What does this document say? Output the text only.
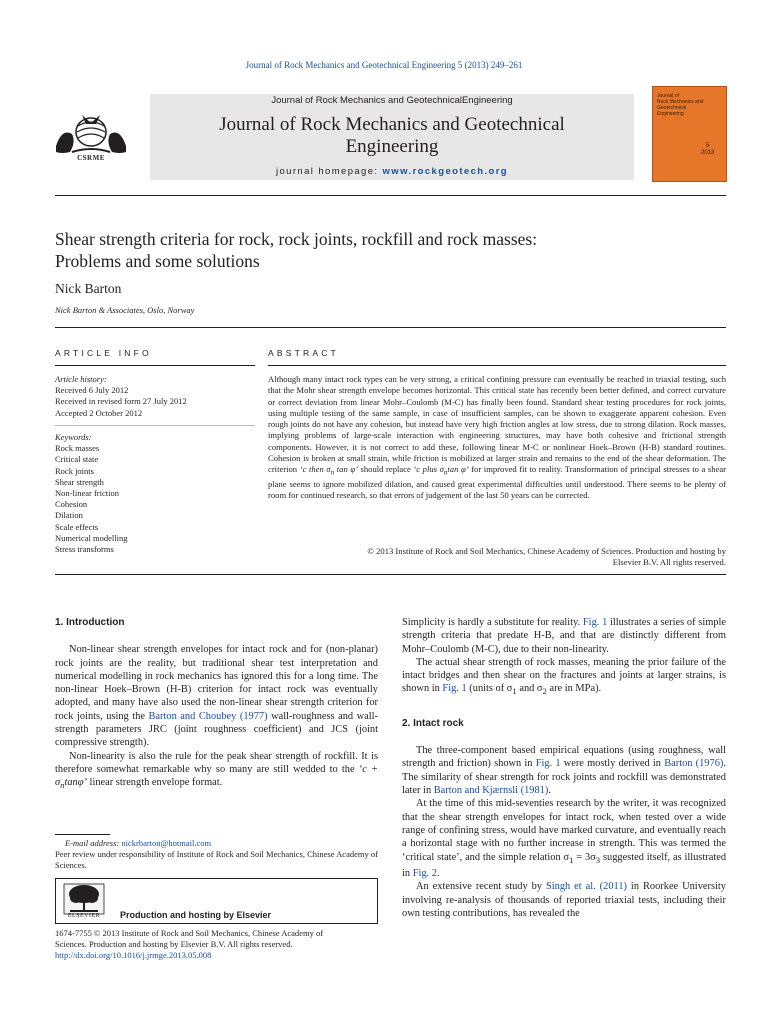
Journal of Rock Mechanics and Geotechnical Engineering 5 (2013) 249–261
Journal of Rock Mechanics and GeotechnicalEngineering
Journal of Rock Mechanics and Geotechnical
Engineering
journal homepage: www.rockgeotech.org
CSRME
Journal of
Rock Mechanics and
Geotechnical
Engineering
5
2013
Shear strength criteria for rock, rock joints, rockfill and rock masses:
Problems and some solutions
Nick Barton
Nick Barton & Associates, Oslo, Norway
ARTICLE INFO	ABSTRACT
Article history:
Received 6 July 2012
Received in revised form 27 July 2012
Accepted 2 October 2012
Keywords:
Rock masses
Critical state
Rock joints
Shear strength
Non-linear friction
Cohesion
Dilation
Scale effects
Numerical modelling
Stress transforms
Although many intact rock types can be very strong, a critical confining pressure can eventually be reached in triaxial testing, such that the Mohr shear strength envelope becomes horizontal. This critical state has recently been better defined, and correct curvature or correct deviation from linear Mohr–Coulomb (M-C) has finally been found. Standard shear testing procedures for rock joints, using multiple testing of the same sample, in case of insufficient samples, can be shown to exaggerate apparent cohesion. Even rough joints do not have any cohesion, but instead have very high friction angles at low stress, due to strong dilation. Rock masses, implying problems of large-scale interaction with engineering structures, may have both cohesive and frictional strength components. However, it is not correct to add these, following linear M-C or nonlinear Hoek–Brown (H-B) standard routines. Cohesion is broken at small strain, while friction is mobilized at larger strain and remains to the end of the shear deformation. The criterion ‘c then $\sigma_n$ tan φ’ should replace ‘c plus $\sigma_n\tan$ φ’ for improved fit to reality. Transformation of principal stresses to a shear plane seems to ignore mobilized dilation, and caused great experimental difficulties until understood. There seems to be plenty of room for continued research, so that errors of judgement of the last 50 years can be corrected.
© 2013 Institute of Rock and Soil Mechanics, Chinese Academy of Sciences. Production and hosting by
Elsevier B.V. All rights reserved.
1. Introduction

Non-linear shear strength envelopes for intact rock and for (non-planar) rock joints are the reality, but traditional shear test interpretation and numerical modelling in rock mechanics has ignored this for a long time. The non-linear Hoek–Brown (H-B) criterion for intact rock was eventually adopted, and many have also used the non-linear shear strength criterion for rock joints, using the Barton and Choubey (1977) wall-roughness and wall-strength parameters JRC (joint roughness coefficient) and JCS (joint compressive strength).

Non-linearity is also the rule for the peak shear strength of rockfill. It is therefore somewhat remarkable why so many are still wedded to the ‘$c + \sigma_n\tan\varphi$’ linear strength envelope format.

Simplicity is hardly a substitute for reality. Fig. 1 illustrates a series of simple strength criteria that predate H-B, and that are distinctly different from Mohr–Coulomb (M-C), due to their non-linearity.

The actual shear strength of rock masses, meaning the prior failure of the intact bridges and then shear on the fractures and joints at larger strains, is shown in Fig. 1 (units of $\sigma_1$ and $\sigma_2$ are in MPa).

2. Intact rock

The three-component based empirical equations (using roughness, wall strength and friction) shown in Fig. 1 were mostly derived in Barton (1976). The similarity of shear strength for rock joints and rockfill was demonstrated later in Barton and Kjærnsli (1981).

At the time of this mid-seventies research by the writer, it was recognized that the shear strength envelopes for intact rock, when tested over a wide range of confining stress, would have marked curvature, and eventually reach a horizontal stage with no further increase in strength. This was termed the ‘critical state’, and the simple relation $\sigma_1 = 3\sigma_3$ suggested itself, as illustrated in Fig. 2.

An extensive recent study by Singh et al. (2011) in Roorkee University involving re-analysis of thousands of reported triaxial tests, including their own testing contributions, has revealed the

E-mail address: nickrbarton@hotmail.com
Peer review under responsibility of Institute of Rock and Soil Mechanics, Chinese Academy of Sciences.
ELSEVIER	Production and hosting by Elsevier
1674-7755 © 2013 Institute of Rock and Soil Mechanics, Chinese Academy of
Sciences. Production and hosting by Elsevier B.V. All rights reserved.
http://dx.doi.org/10.1016/j.jrmge.2013.05.008
